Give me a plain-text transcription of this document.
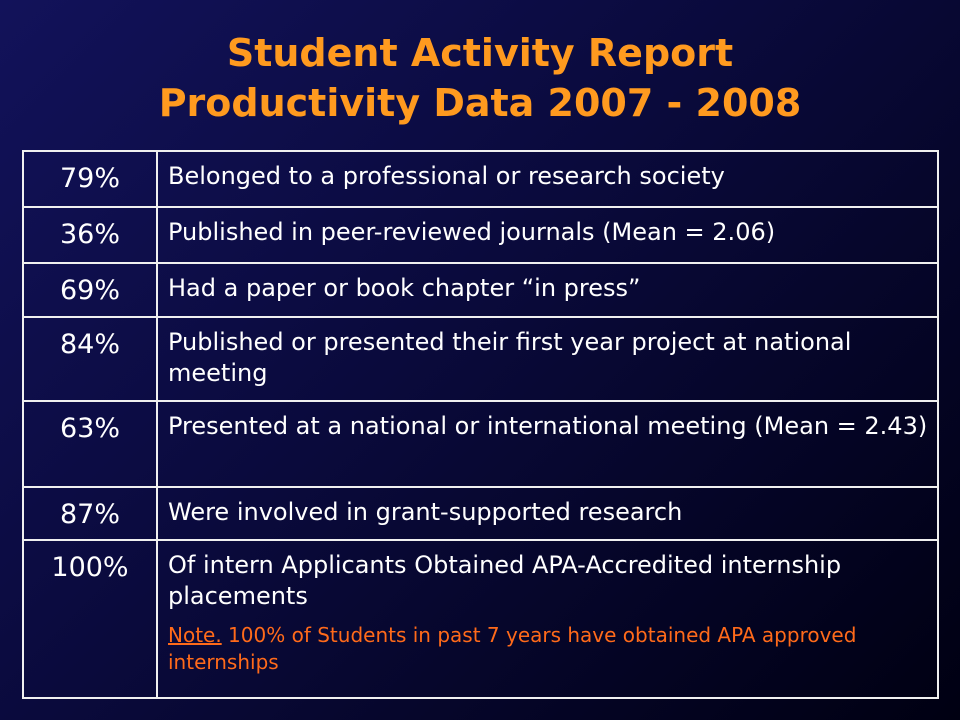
Student Activity Report
Productivity Data 2007 - 2008
79%	Belonged to a professional or research society
36%	Published in peer-reviewed journals (Mean = 2.06)
69%	Had a paper or book chapter “in press”
84%	Published or presented their first year project at national meeting
63%	Presented at a national or international meeting (Mean = 2.43)
87%	Were involved in grant-supported research
100%	Of intern Applicants Obtained APA-Accredited internship placements
Note. 100% of Students in past 7 years have obtained APA approved internships
